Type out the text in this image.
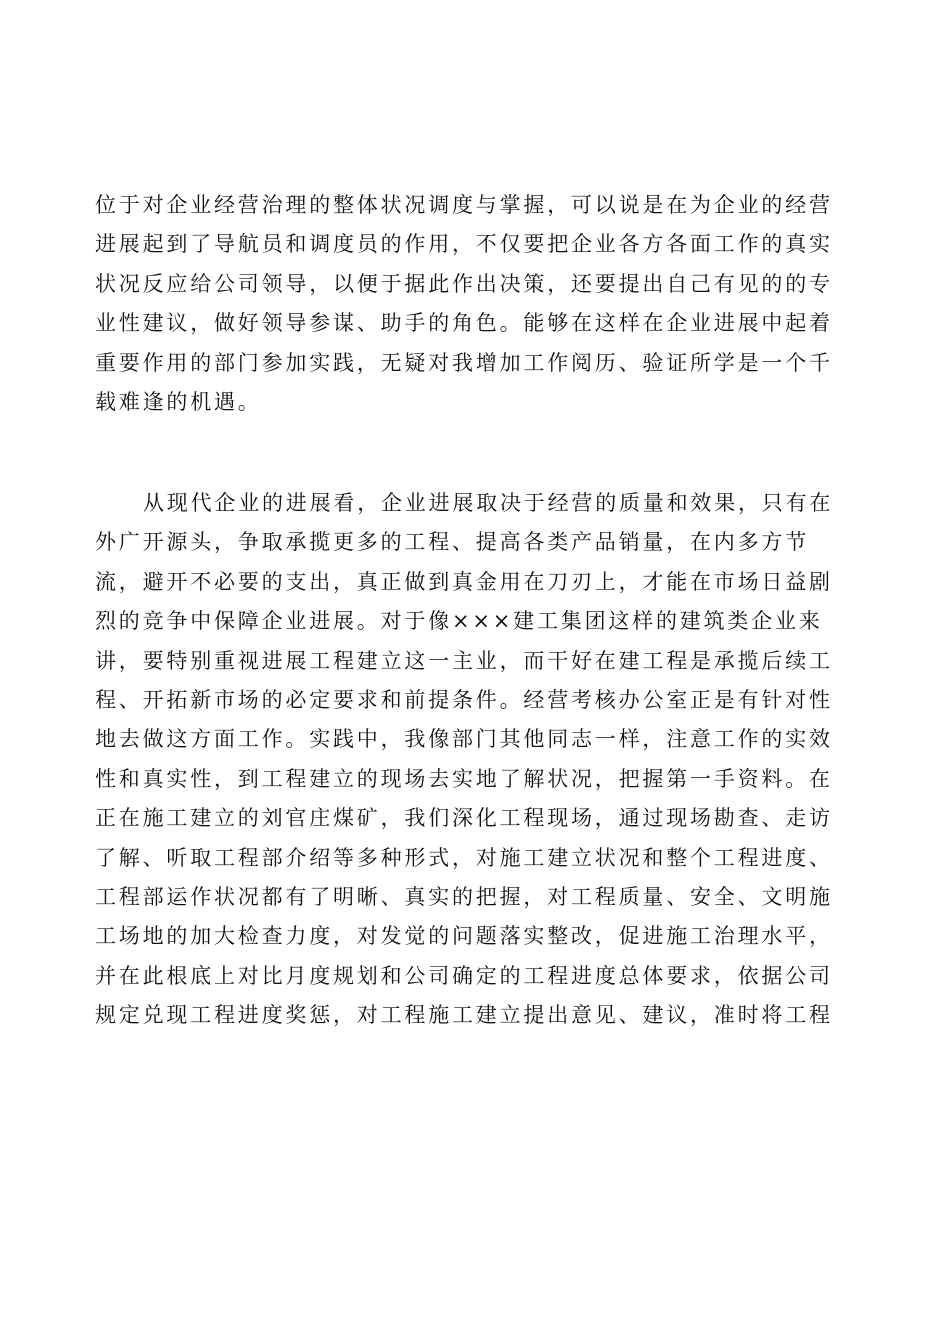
位于对企业经营治理的整体状况调度与掌握，可以说是在为企业的经营
进展起到了导航员和调度员的作用，不仅要把企业各方各面工作的真实
状况反应给公司领导，以便于据此作出决策，还要提出自己有见的的专
业性建议，做好领导参谋、助手的角色。能够在这样在企业进展中起着
重要作用的部门参加实践，无疑对我增加工作阅历、验证所学是一个千
载难逢的机遇。
从现代企业的进展看，企业进展取决于经营的质量和效果，只有在
外广开源头，争取承揽更多的工程、提高各类产品销量，在内多方节
流，避开不必要的支出，真正做到真金用在刀刃上，才能在市场日益剧
烈的竞争中保障企业进展。对于像×××建工集团这样的建筑类企业来
讲，要特别重视进展工程建立这一主业，而干好在建工程是承揽后续工
程、开拓新市场的必定要求和前提条件。经营考核办公室正是有针对性
地去做这方面工作。实践中，我像部门其他同志一样，注意工作的实效
性和真实性，到工程建立的现场去实地了解状况，把握第一手资料。在
正在施工建立的刘官庄煤矿，我们深化工程现场，通过现场勘查、走访
了解、听取工程部介绍等多种形式，对施工建立状况和整个工程进度、
工程部运作状况都有了明晰、真实的把握，对工程质量、安全、文明施
工场地的加大检查力度，对发觉的问题落实整改，促进施工治理水平，
并在此根底上对比月度规划和公司确定的工程进度总体要求，依据公司
规定兑现工程进度奖惩，对工程施工建立提出意见、建议，准时将工程
